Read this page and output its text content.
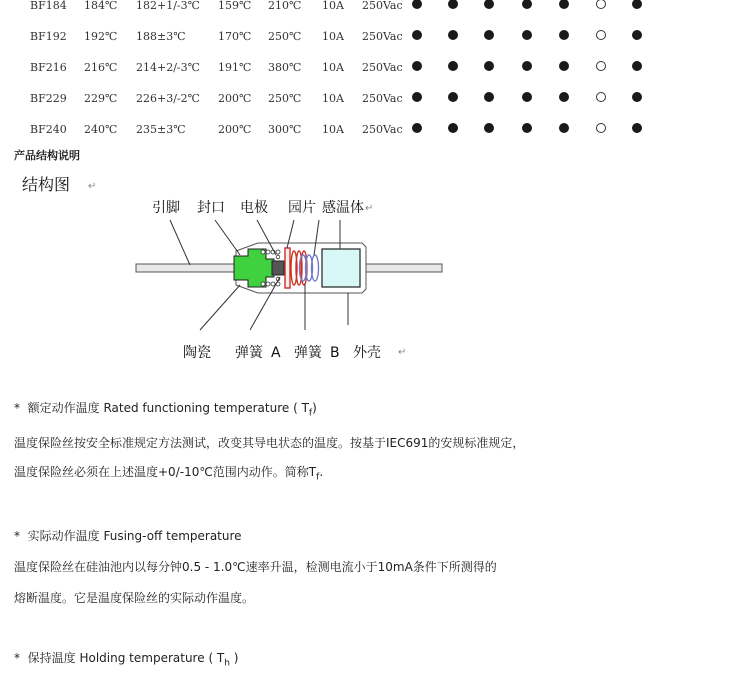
BF184 184℃ 182+1/-3℃ 159℃ 210℃ 10A 250Vac
BF192 192℃ 188±3℃	170℃ 250℃ 10A 250Vac
BF216 216℃ 214+2/-3℃ 191℃ 380℃ 10A 250Vac
BF229 229℃ 226+3/-2℃ 200℃ 250℃ 10A 250Vac
BF240 240℃ 235±3℃	200℃ 300℃ 10A 250Vac
产品结构说明
结构图 ↵
引脚 封口 电极 园片 感温体 ↵
陶瓷 弹簧 A 弹簧 B 外壳 ↵

* 额定动作温度 Rated functioning temperature ( $T_f$)

温度保险丝按安全标准规定方法测试，改变其导电状态的温度。按基于IEC691的安规标准规定，

温度保险丝必须在上述温度+0/-10℃范围内动作。简称$T_f$.

* 实际动作温度 Fusing-off temperature

温度保险丝在硅油池内以每分钟0.5 - 1.0℃速率升温，检测电流小于10mA条件下所测得的

熔断温度。它是温度保险丝的实际动作温度。

* 保持温度 Holding temperature ( $T_h$ )
